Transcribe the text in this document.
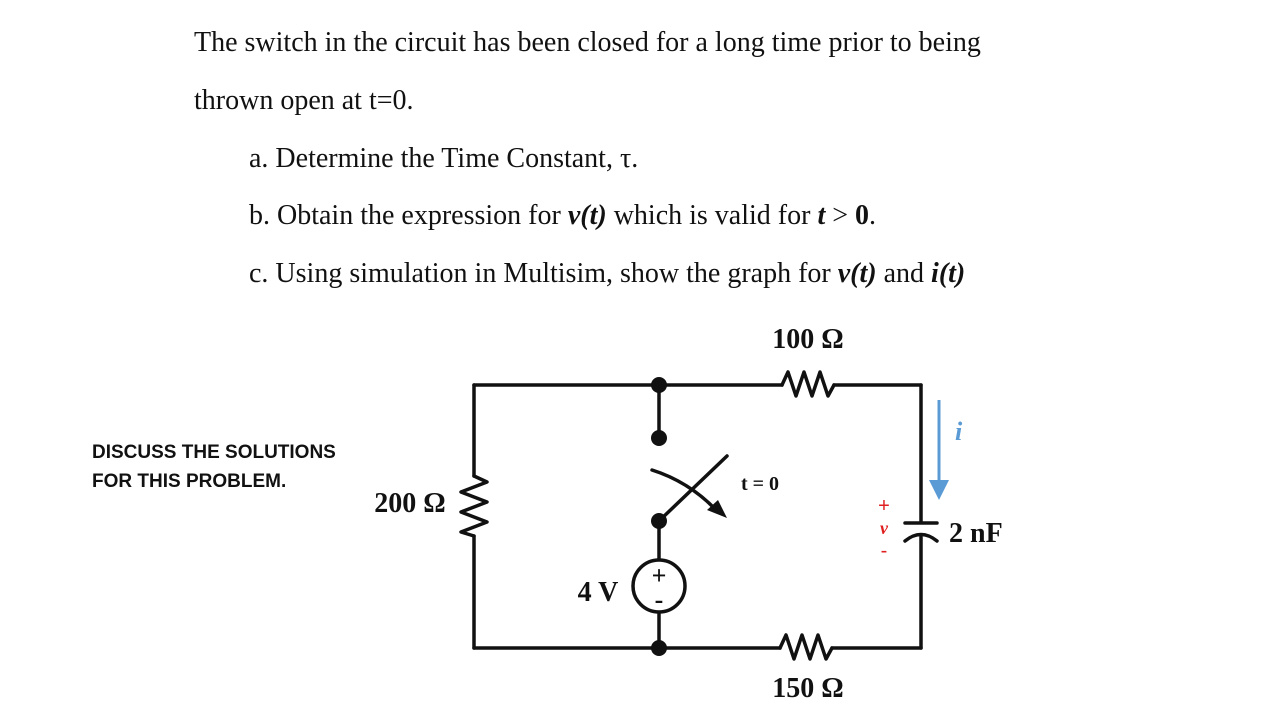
The switch in the circuit has been closed for a long time prior to being
thrown open at t=0.
a. Determine the Time Constant, τ.
b. Obtain the expression for v(t) which is valid for t > 0.
c. Using simulation in Multisim, show the graph for v(t) and i(t)
DISCUSS THE SOLUTIONS
FOR THIS PROBLEM.
+
-
100 Ω
200 Ω
150 Ω
2 nF
4 V
t = 0
i
+
v
-
